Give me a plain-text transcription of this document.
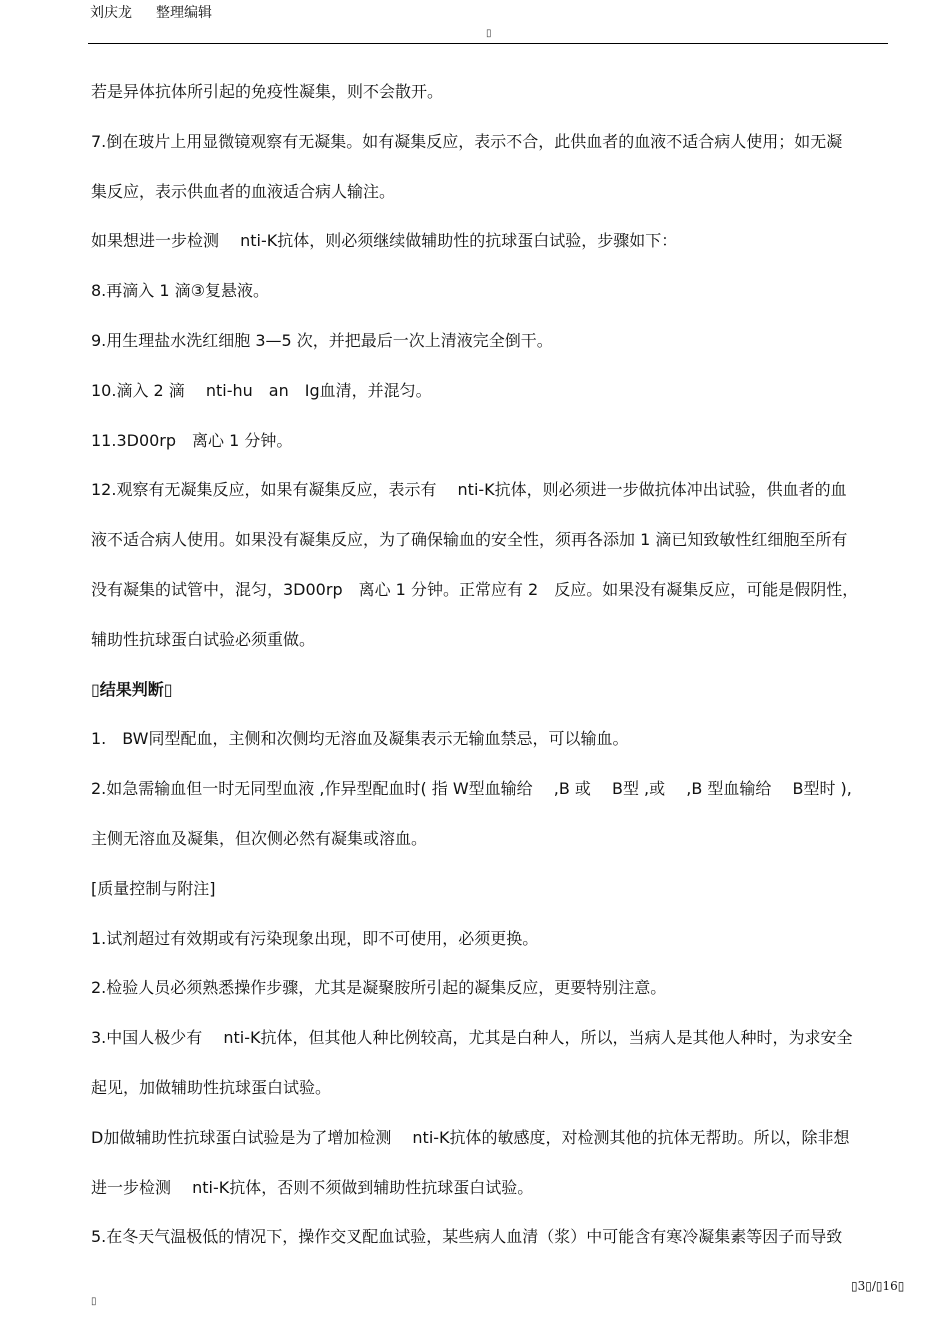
刘庆龙 整理编辑
▯
若是异体抗体所引起的免疫性凝集，则不会散开。
7.倒在玻片上用显微镜观察有无凝集。如有凝集反应，表示不合，此供血者的血液不适合病人使用；如无凝
集反应，表示供血者的血液适合病人输注。
如果想进一步检测　 nti-K抗体，则必须继续做辅助性的抗球蛋白试验，步骤如下：
8.再滴入 1 滴③复悬液。
9.用生理盐水洗红细胞 3—5 次，并把最后一次上清液完全倒干。
10.滴入 2 滴　 nti-hu　an　Ig血清，并混匀。
11.3D00rp　离心 1 分钟。
12.观察有无凝集反应，如果有凝集反应，表示有　 nti-K抗体，则必须进一步做抗体冲出试验，供血者的血
液不适合病人使用。如果没有凝集反应，为了确保输血的安全性，须再各添加 1 滴已知致敏性红细胞至所有
没有凝集的试管中，混匀，3D00rp　离心 1 分钟。正常应有 2　反应。如果没有凝集反应，可能是假阴性，
辅助性抗球蛋白试验必须重做。
▯结果判断▯
1.　BW同型配血，主侧和次侧均无溶血及凝集表示无输血禁忌，可以输血。
2.如急需输血但一时无同型血液 ,作异型配血时( 指 W型血输给　 ,B 或　 B型 ,或　 ,B 型血输给　 B型时 ),
主侧无溶血及凝集，但次侧必然有凝集或溶血。
[质量控制与附注]
1.试剂超过有效期或有污染现象出现，即不可使用，必须更换。
2.检验人员必须熟悉操作步骤，尤其是凝聚胺所引起的凝集反应，更要特别注意。
3.中国人极少有　 nti-K抗体，但其他人种比例较高，尤其是白种人，所以，当病人是其他人种时，为求安全
起见，加做辅助性抗球蛋白试验。
D加做辅助性抗球蛋白试验是为了增加检测　 nti-K抗体的敏感度，对检测其他的抗体无帮助。所以，除非想
进一步检测　 nti-K抗体，否则不须做到辅助性抗球蛋白试验。
5.在冬天气温极低的情况下，操作交叉配血试验，某些病人血清（浆）中可能含有寒冷凝集素等因子而导致
▯3▯/▯16▯
▯
